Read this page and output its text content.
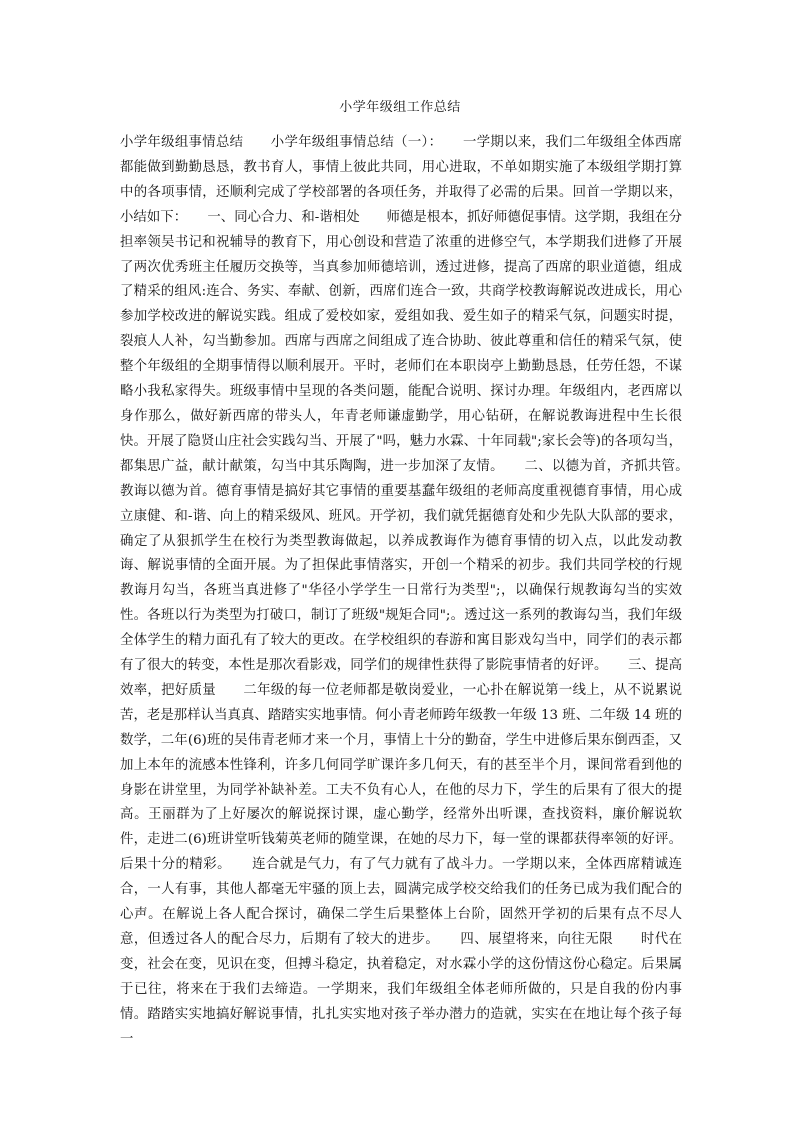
小学年级组工作总结

小学年级组事情总结　　小学年级组事情总结（一）：　　一学期以来，我们二年级组全体西席都能做到勤勤恳恳，教书育人，事情上彼此共同，用心进取，不单如期实施了本级组学期打算中的各项事情，还顺利完成了学校部署的各项任务，并取得了必需的后果。回首一学期以来，小结如下：　　一、同心合力、和-谐相处　　师德是根本，抓好师德促事情。这学期，我组在分担率领吴书记和祝辅导的教育下，用心创设和营造了浓重的进修空气，本学期我们进修了开展了两次优秀班主任履历交换等，当真参加师德培训，透过进修，提高了西席的职业道德，组成了精采的组风:连合、务实、奉献、创新，西席们连合一致，共商学校教诲解说改进成长，用心参加学校改进的解说实践。组成了爱校如家，爱组如我、爱生如子的精采气氛，问题实时提，裂痕人人补，勾当勤参加。西席与西席之间组成了连合协助、彼此尊重和信任的精采气氛，使整个年级组的全期事情得以顺利展开。平时，老师们在本职岗亭上勤勤恳恳，任劳任怨，不谋略小我私家得失。班级事情中呈现的各类问题，能配合说明、探讨办理。年级组内，老西席以身作那么，做好新西席的带头人，年青老师谦虚勤学，用心钻研，在解说教诲进程中生长很快。开展了隐贤山庄社会实践勾当、开展了"吗，魅力水霖、十年同载";家长会等)的各项勾当，都集思广益，献计献策，勾当中其乐陶陶，进一步加深了友情。　　二、以德为首，齐抓共管。　　教诲以德为首。德育事情是搞好其它事情的重要基蠢年级组的老师高度重视德育事情，用心成立康健、和-谐、向上的精采级风、班风。开学初，我们就凭据德育处和少先队大队部的要求，确定了从狠抓学生在校行为类型教诲做起，以养成教诲作为德育事情的切入点，以此发动教诲、解说事情的全面开展。为了担保此事情落实，开创一个精采的初步。我们共同学校的行规教诲月勾当，各班当真进修了"华径小学学生一日常行为类型";，以确保行规教诲勾当的实效性。各班以行为类型为打破口，制订了班级"规矩合同";。透过这一系列的教诲勾当，我们年级全体学生的精力面孔有了较大的更改。在学校组织的春游和寓目影戏勾当中，同学们的表示都有了很大的转变，本性是那次看影戏，同学们的规律性获得了影院事情者的好评。　　三、提高效率，把好质量　　二年级的每一位老师都是敬岗爱业，一心扑在解说第一线上，从不说累说苦，老是那样认当真真、踏踏实实地事情。何小青老师跨年级教一年级 13 班、二年级 14 班的数学，二年(6)班的吴伟青老师才来一个月，事情上十分的勤奋，学生中进修后果东倒西歪，又加上本年的流感本性锋利，许多几何同学旷课许多几何天，有的甚至半个月，课间常看到他的身影在讲堂里，为同学补缺补差。工夫不负有心人，在他的尽力下，学生的后果有了很大的提高。王丽群为了上好屡次的解说探讨课，虚心勤学，经常外出听课，查找资料，廉价解说软件，走进二(6)班讲堂听钱菊英老师的随堂课，在她的尽力下，每一堂的课都获得率领的好评。后果十分的精彩。　　连合就是气力，有了气力就有了战斗力。一学期以来，全体西席精诚连合，一人有事，其他人都毫无牢骚的顶上去，圆满完成学校交给我们的任务已成为我们配合的心声。在解说上各人配合探讨，确保二学生后果整体上台阶，固然开学初的后果有点不尽人意，但透过各人的配合尽力，后期有了较大的进步。　　四、展望将来，向往无限　　时代在变，社会在变，见识在变，但搏斗稳定，执着稳定，对水霖小学的这份情这份心稳定。后果属于已往，将来在于我们去缔造。一学期来，我们年级组全体老师所做的，只是自我的份内事情。踏踏实实地搞好解说事情，扎扎实实地对孩子举办潜力的造就，实实在在地让每个孩子每一
